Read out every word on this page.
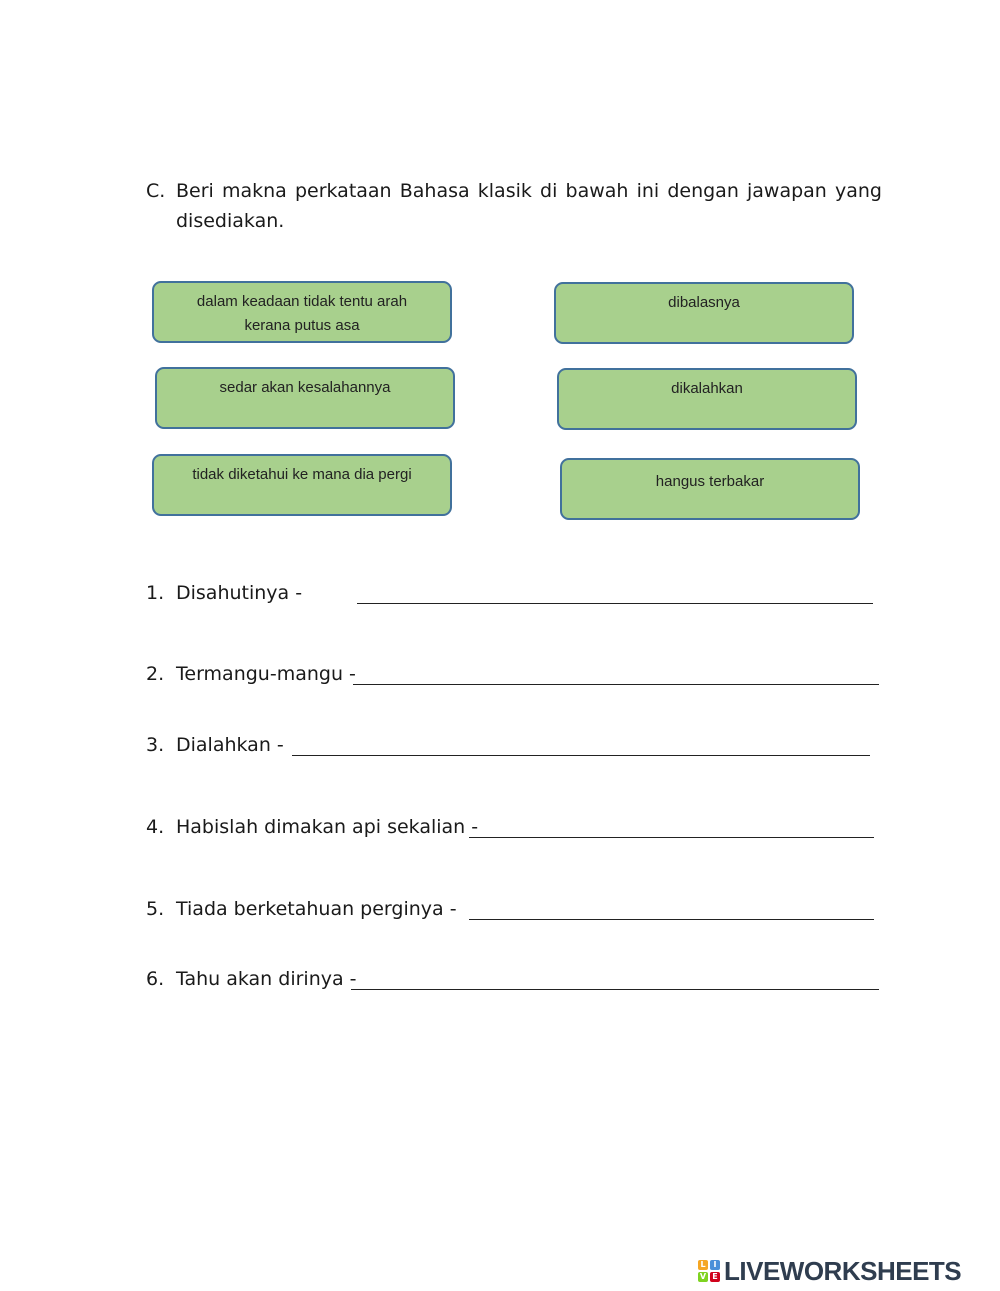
C. Beri makna perkataan Bahasa klasik di bawah ini dengan jawapan yang disediakan.
dalam keadaan tidak tentu arah kerana putus asa
sedar akan kesalahannya
tidak diketahui ke mana dia pergi
dibalasnya
dikalahkan
hangus terbakar
1. Disahutinya -
2. Termangu-mangu -
3. Dialahkan -
4. Habislah dimakan api sekalian -
5. Tiada berketahuan perginya -
6. Tahu akan dirinya -
L I
V E LIVEWORKSHEETS
